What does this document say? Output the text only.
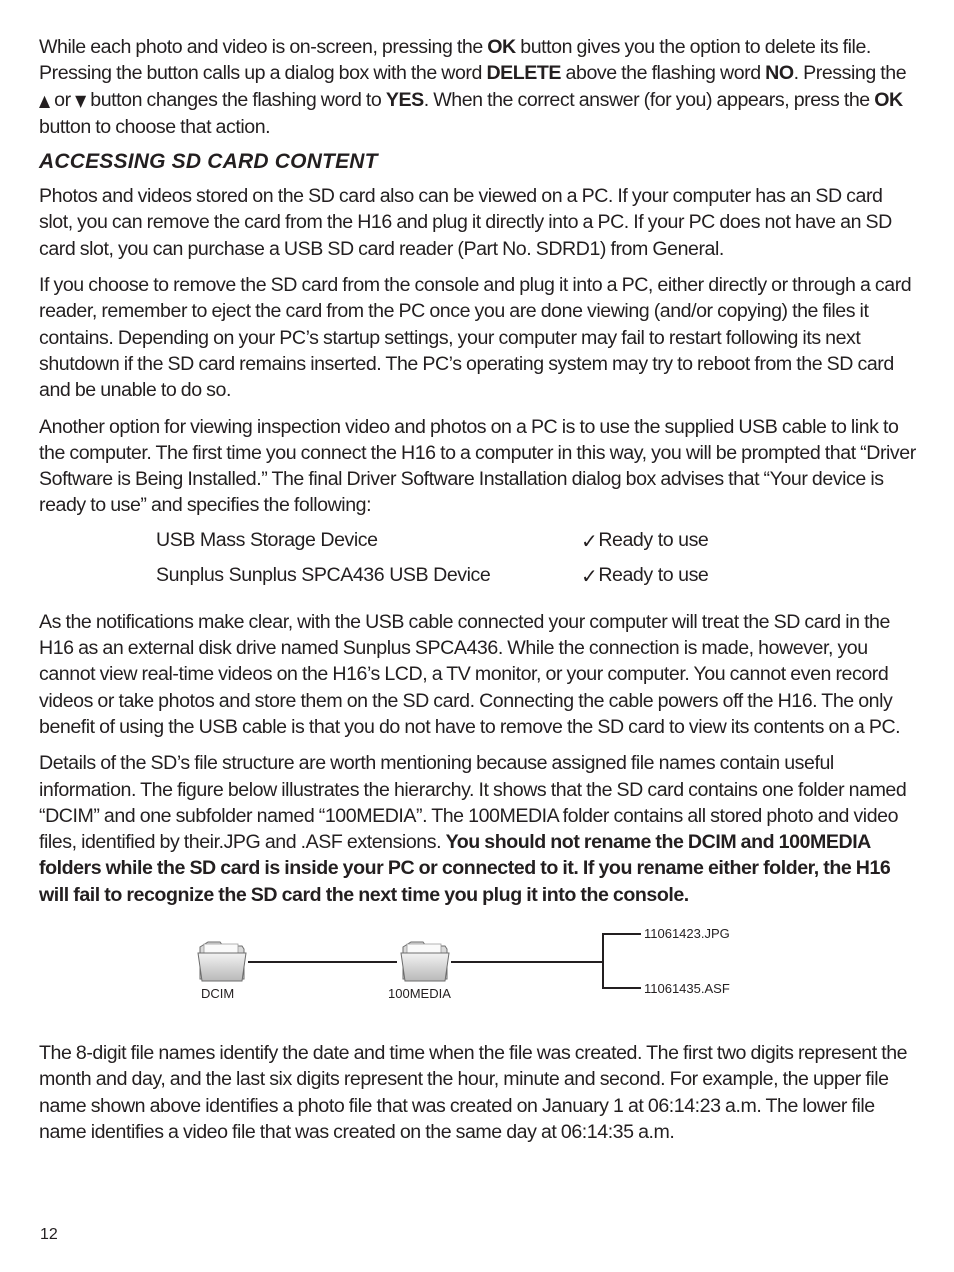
While each photo and video is on-screen, pressing the OK button gives you the option to delete its file. Pressing the button calls up a dialog box with the word DELETE above the flashing word NO. Pressing the ▲ or ▼ button changes the flashing word to YES. When the correct answer (for you) appears, press the OK button to choose that action.

ACCESSING SD CARD CONTENT

Photos and videos stored on the SD card also can be viewed on a PC. If your computer has an SD card slot, you can remove the card from the H16 and plug it directly into a PC. If your PC does not have an SD card slot, you can purchase a USB SD card reader (Part No. SDRD1) from General.

If you choose to remove the SD card from the console and plug it into a PC, either directly or through a card reader, remember to eject the card from the PC once you are done viewing (and/or copying) the files it contains. Depending on your PC’s startup settings, your computer may fail to restart following its next shutdown if the SD card remains inserted. The PC’s operating system may try to reboot from the SD card and be unable to do so.

Another option for viewing inspection video and photos on a PC is to use the supplied USB cable to link to the computer. The first time you connect the H16 to a computer in this way, you will be prompted that “Driver Software is Being Installed.” The final Driver Software Installation dialog box advises that “Your device is ready to use” and specifies the following:

USB Mass Storage Device	✓ Ready to use
Sunplus Sunplus SPCA436 USB Device	✓ Ready to use

As the notifications make clear, with the USB cable connected your computer will treat the SD card in the H16 as an external disk drive named Sunplus SPCA436. While the connection is made, however, you cannot view real-time videos on the H16’s LCD, a TV monitor, or your computer. You cannot even record videos or take photos and store them on the SD card. Connecting the cable powers off the H16. The only benefit of using the USB cable is that you do not have to remove the SD card to view its contents on a PC.

Details of the SD’s file structure are worth mentioning because assigned file names contain useful information. The figure below illustrates the hierarchy. It shows that the SD card contains one folder named “DCIM” and one subfolder named “100MEDIA”. The 100MEDIA folder contains all stored photo and video files, identified by their.JPG and .ASF extensions. You should not rename the DCIM and 100MEDIA folders while the SD card is inside your PC or connected to it. If you rename either folder, the H16 will fail to recognize the SD card the next time you plug it into the console.

DCIM	100MEDIA
11061423.JPG
11061435.ASF

The 8-digit file names identify the date and time when the file was created. The first two digits represent the month and day, and the last six digits represent the hour, minute and second. For example, the upper file name shown above identifies a photo file that was created on January 1 at 06:14:23 a.m. The lower file name identifies a video file that was created on the same day at 06:14:35 a.m.

12
